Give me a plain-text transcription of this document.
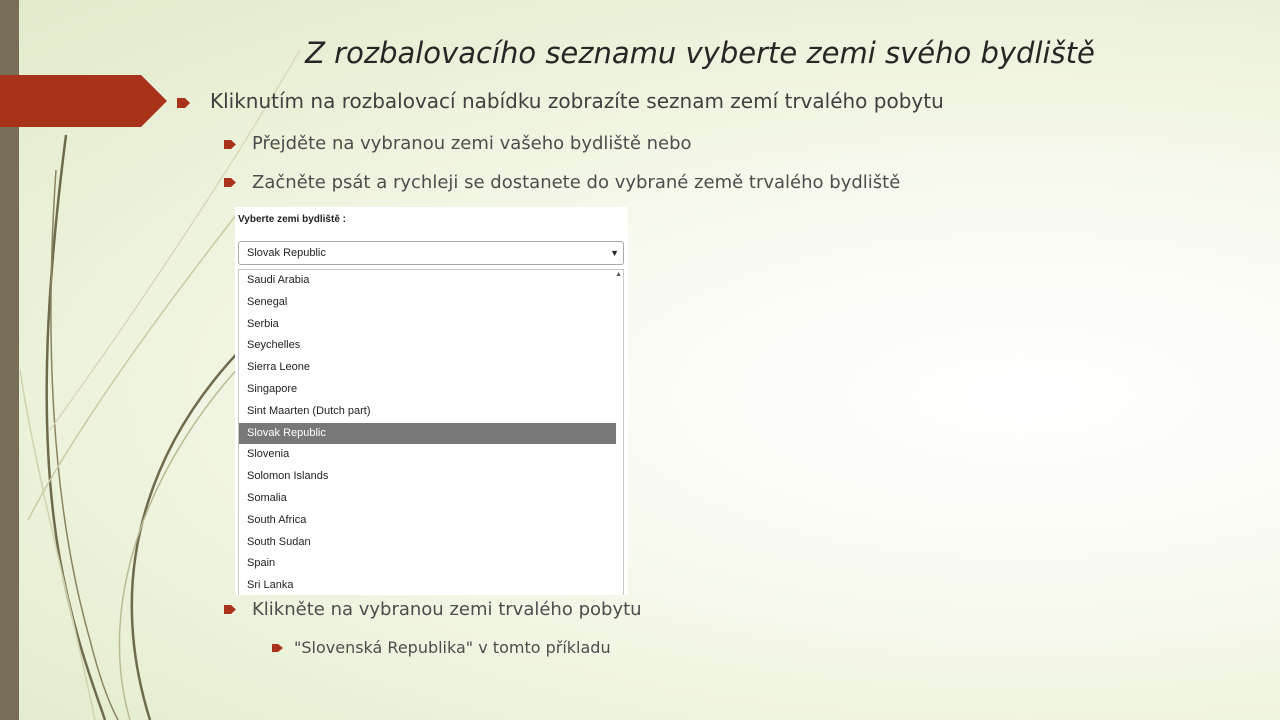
Z rozbalovacího seznamu vyberte zemi svého bydliště
Kliknutím na rozbalovací nabídku zobrazíte seznam zemí trvalého pobytu
Přejděte na vybranou zemi vašeho bydliště nebo
Začněte psát a rychleji se dostanete do vybrané země trvalého bydliště
Vyberte zemi bydliště :
Slovak Republic	▼
▲
Saudi Arabia
Senegal
Serbia
Seychelles
Sierra Leone
Singapore
Sint Maarten (Dutch part)
Slovak Republic
Slovenia
Solomon Islands
Somalia
South Africa
South Sudan
Spain
Sri Lanka
Klikněte na vybranou zemi trvalého pobytu
"Slovenská Republika" v tomto příkladu
